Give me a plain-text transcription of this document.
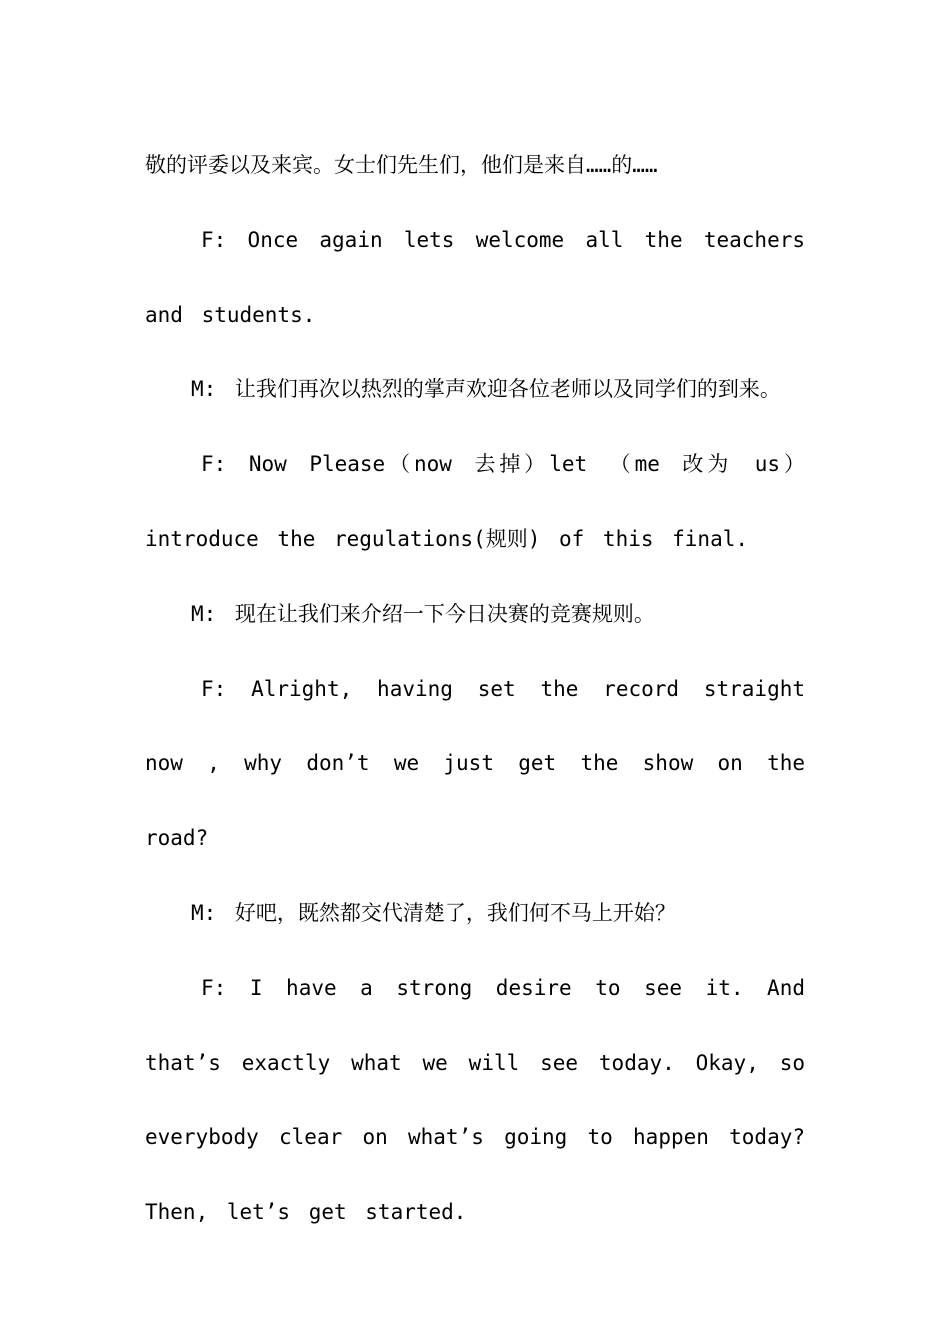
敬的评委以及来宾。女士们先生们，他们是来自……的……

F: Once again lets welcome all the teachers and students.

M: 让我们再次以热烈的掌声欢迎各位老师以及同学们的到来。

F: Now Please（now 去掉）let （me 改为 us） introduce the regulations(规则) of this final.

M: 现在让我们来介绍一下今日决赛的竞赛规则。

F: Alright, having set the record straight now , why don’t we just get the show on the road?

M: 好吧，既然都交代清楚了，我们何不马上开始？

F: I have a strong desire to see it. And that’s exactly what we will see today. Okay, so everybody clear on what’s going to happen today? Then, let’s get started.
